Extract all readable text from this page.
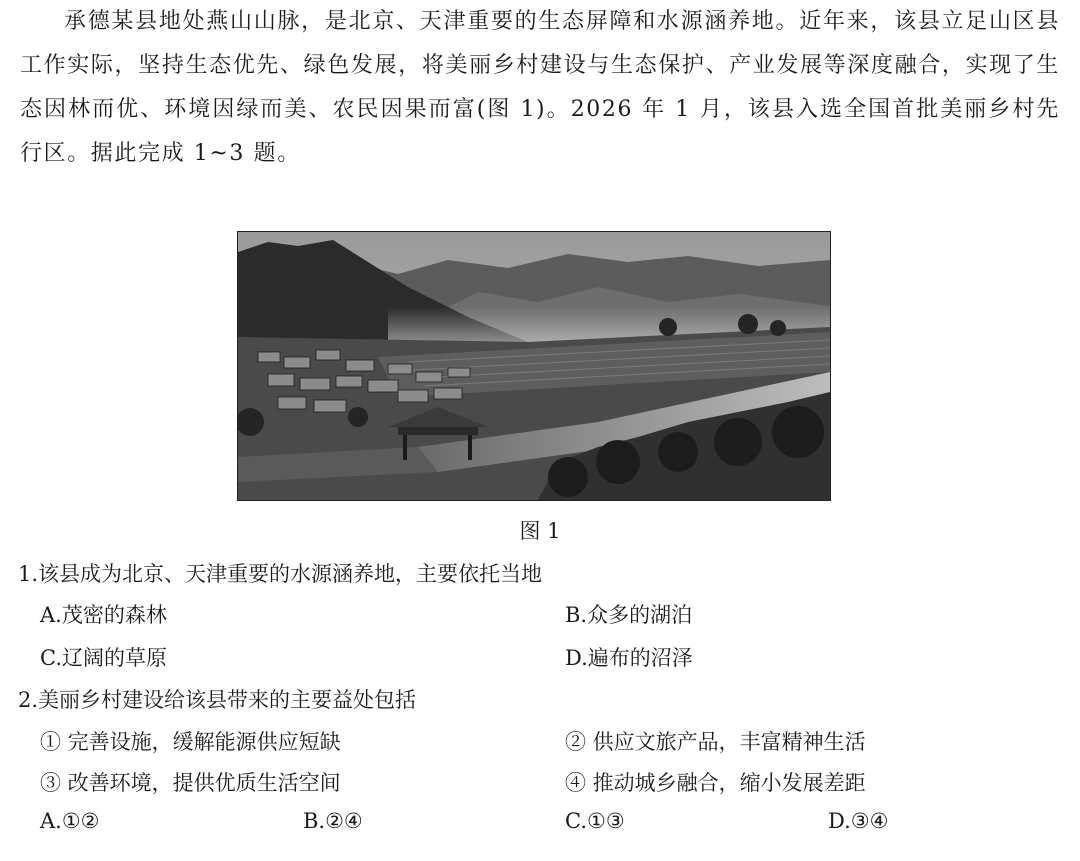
承德某县地处燕山山脉，是北京、天津重要的生态屏障和水源涵养地。近年来，该县立足山区县工作实际，坚持生态优先、绿色发展，将美丽乡村建设与生态保护、产业发展等深度融合，实现了生态因林而优、环境因绿而美、农民因果而富(图 1)。2026 年 1 月，该县入选全国首批美丽乡村先行区。据此完成 1~3 题。

图 1
1.该县成为北京、天津重要的水源涵养地，主要依托当地
A.茂密的森林	B.众多的湖泊
C.辽阔的草原	D.遍布的沼泽
2.美丽乡村建设给该县带来的主要益处包括
① 完善设施，缓解能源供应短缺	② 供应文旅产品，丰富精神生活
③ 改善环境，提供优质生活空间	④ 推动城乡融合，缩小发展差距
A.①②	B.②④	C.①③	D.③④
